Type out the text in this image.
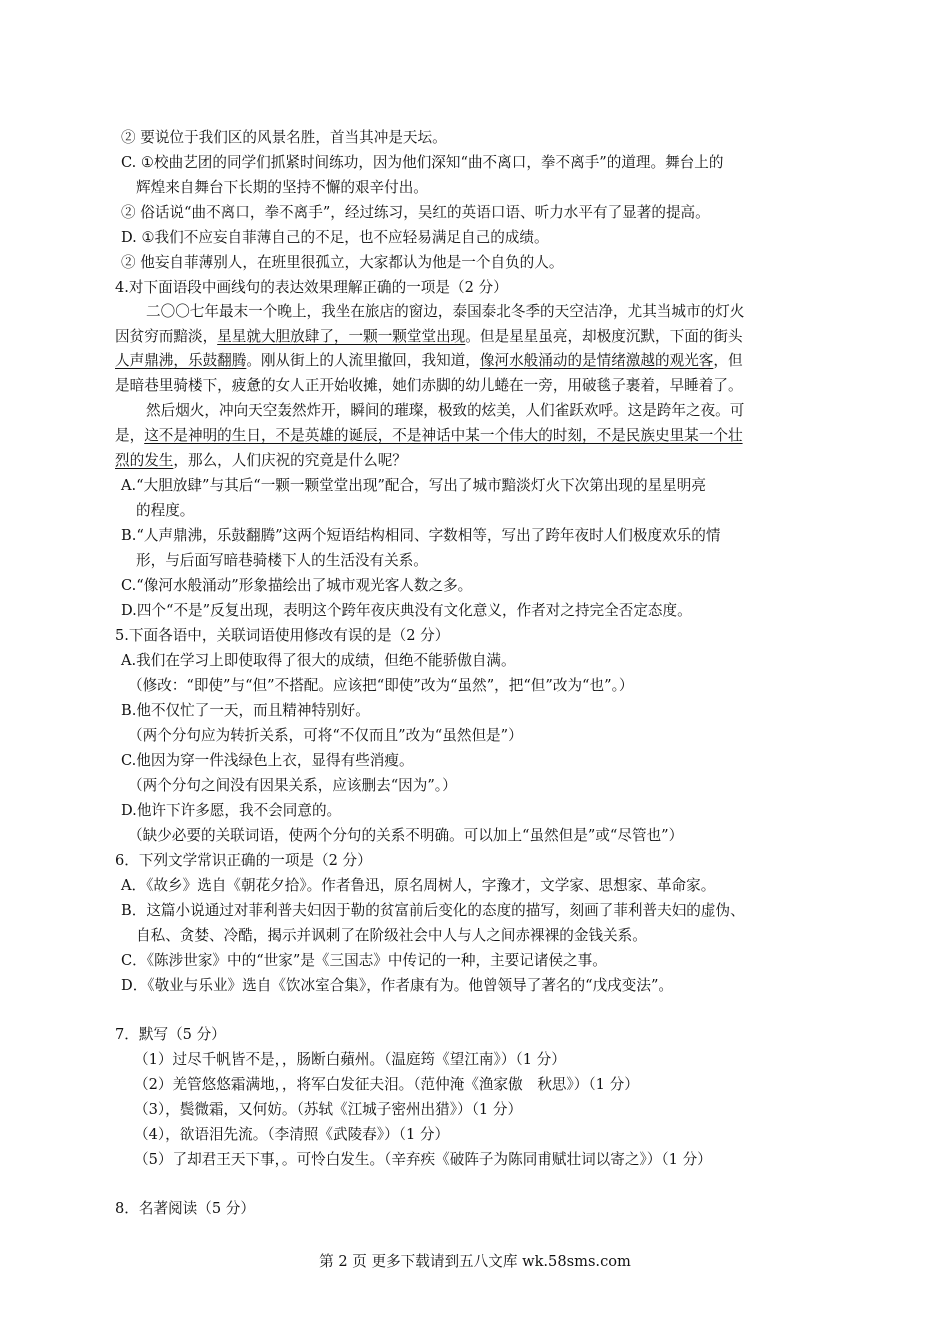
② 要说位于我们区的风景名胜，首当其冲是天坛。
C. ①校曲艺团的同学们抓紧时间练功，因为他们深知“曲不离口，拳不离手”的道理。舞台上的
辉煌来自舞台下长期的坚持不懈的艰辛付出。
② 俗话说“曲不离口，拳不离手”，经过练习，吴红的英语口语、听力水平有了显著的提高。
D. ①我们不应妄自菲薄自己的不足，也不应轻易满足自己的成绩。
② 他妄自菲薄别人，在班里很孤立，大家都认为他是一个自负的人。
4.对下面语段中画线句的表达效果理解正确的一项是（2 分）
二〇〇七年最末一个晚上，我坐在旅店的窗边，泰国泰北冬季的天空洁净，尤其当城市的灯火
因贫穷而黯淡，星星就大胆放肆了，一颗一颗堂堂出现。但是星星虽亮，却极度沉默，下面的街头
人声鼎沸，乐鼓翻腾。刚从街上的人流里撤回，我知道，像河水般涌动的是情绪激越的观光客，但
是暗巷里骑楼下，疲惫的女人正开始收摊，她们赤脚的幼儿蜷在一旁，用破毯子裹着，早睡着了。
然后烟火，冲向天空轰然炸开，瞬间的璀璨，极致的炫美，人们雀跃欢呼。这是跨年之夜。可
是，这不是神明的生日，不是英雄的诞辰，不是神话中某一个伟大的时刻，不是民族史里某一个壮
烈的发生，那么，人们庆祝的究竟是什么呢？
A.“大胆放肆”与其后“一颗一颗堂堂出现”配合，写出了城市黯淡灯火下次第出现的星星明亮
的程度。
B.“人声鼎沸，乐鼓翻腾”这两个短语结构相同、字数相等，写出了跨年夜时人们极度欢乐的情
形，与后面写暗巷骑楼下人的生活没有关系。
C.“像河水般涌动”形象描绘出了城市观光客人数之多。
D.四个“不是”反复出现，表明这个跨年夜庆典没有文化意义，作者对之持完全否定态度。
5.下面各语中，关联词语使用修改有误的是（2 分）
A.我们在学习上即使取得了很大的成绩，但绝不能骄傲自满。
（修改：“即使”与“但”不搭配。应该把“即使”改为“虽然”，把“但”改为“也”。）
B.他不仅忙了一天，而且精神特别好。
（两个分句应为转折关系，可将“不仅而且”改为“虽然但是”）
C.他因为穿一件浅绿色上衣，显得有些消瘦。
（两个分句之间没有因果关系，应该删去“因为”。）
D.他许下许多愿，我不会同意的。
（缺少必要的关联词语，使两个分句的关系不明确。可以加上“虽然但是”或“尽管也”）
6．下列文学常识正确的一项是（2 分）
A．《故乡》选自《朝花夕拾》。作者鲁迅，原名周树人，字豫才，文学家、思想家、革命家。
B．这篇小说通过对菲利普夫妇因于勒的贫富前后变化的态度的描写，刻画了菲利普夫妇的虚伪、
自私、贪婪、冷酷，揭示并讽刺了在阶级社会中人与人之间赤裸裸的金钱关系。
C．《陈涉世家》中的“世家”是《三国志》中传记的一种，主要记诸侯之事。
D．《敬业与乐业》选自《饮冰室合集》，作者康有为。他曾领导了著名的“戊戌变法”。
7．默写（5 分）
（1）过尽千帆皆不是，，肠断白蘋州。（温庭筠《望江南》）（1 分）
（2）羌管悠悠霜满地，，将军白发征夫泪。（范仲淹《渔家傲　秋思》）（1 分）
（3），鬓微霜，又何妨。（苏轼《江城子密州出猎》）（1 分）
（4），欲语泪先流。（李清照《武陵春》）（1 分）
（5）了却君王天下事，。可怜白发生。（辛弃疾《破阵子为陈同甫赋壮词以寄之》）（1 分）
8．名著阅读（5 分）
第 2 页 更多下载请到五八文库 wk.58sms.com
